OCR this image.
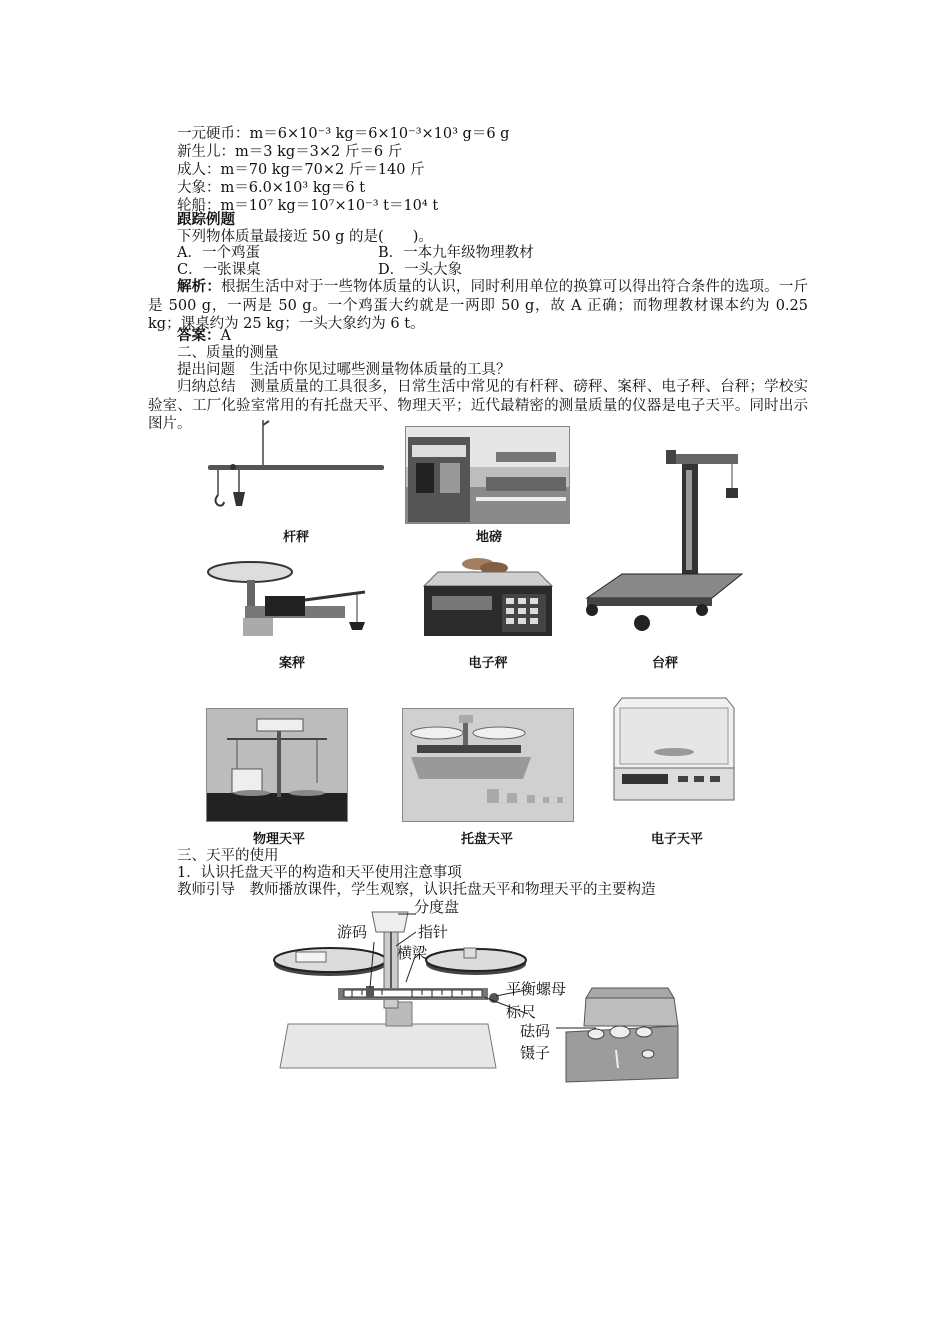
一元硬币：m＝6×10⁻³ kg＝6×10⁻³×10³ g＝6 g
新生儿：m＝3 kg＝3×2 斤＝6 斤
成人：m＝70 kg＝70×2 斤＝140 斤
大象：m＝6.0×10³ kg＝6 t
轮船：m＝10⁷ kg＝10⁷×10⁻³ t＝10⁴ t
跟踪例题
下列物体质量最接近 50 g 的是(　　)。
A．一个鸡蛋	B．一本九年级物理教材
C．一张课桌	D．一头大象
解析：根据生活中对于一些物体质量的认识，同时利用单位的换算可以得出符合条件的选项。一斤是 500 g，一两是 50 g。一个鸡蛋大约就是一两即 50 g，故 A 正确；而物理教材课本约为 0.25 kg；课桌约为 25 kg；一头大象约为 6 t。
答案：A
二、质量的测量
提出问题　生活中你见过哪些测量物体质量的工具？
归纳总结　测量质量的工具很多，日常生活中常见的有杆秤、磅秤、案秤、电子秤、台秤；学校实验室、工厂化验室常用的有托盘天平、物理天平；近代最精密的测量质量的仪器是电子天平。同时出示图片。
杆秤	地磅
台秤
案秤	电子秤
物理天平	托盘天平	电子天平
三、天平的使用
1．认识托盘天平的构造和天平使用注意事项
教师引导　教师播放课件，学生观察，认识托盘天平和物理天平的主要构造
分度盘
游码	指针
横梁
平衡螺母
标尺
砝码
镊子
